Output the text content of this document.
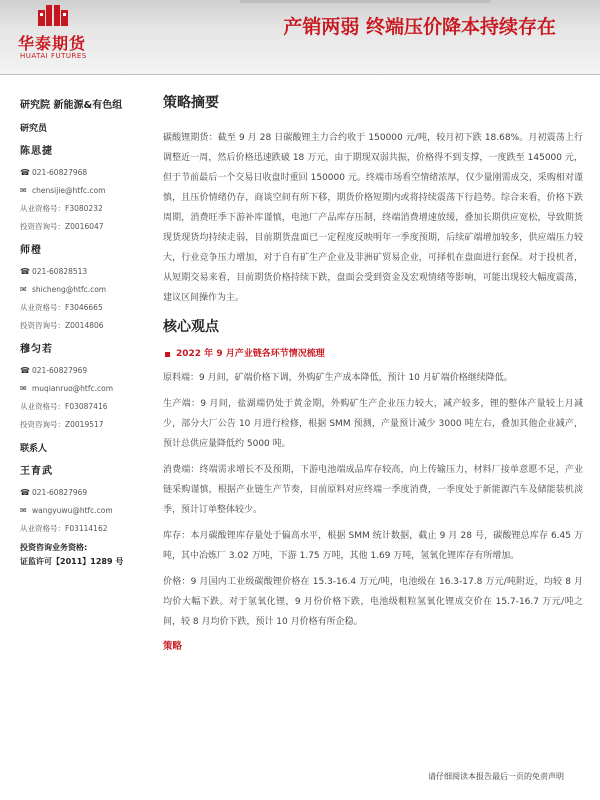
华泰期货
HUATAI FUTURES
产销两弱 终端压价降本持续存在
研究院 新能源&有色组
研究员
陈思捷
☎ 021-60827968
✉ chensijie@htfc.com
从业资格号：F3080232
投资咨询号：Z0016047
师橙
☎ 021-60828513
✉ shicheng@htfc.com
从业资格号：F3046665
投资咨询号：Z0014806
穆匀若
☎ 021-60827969
✉ muqianruo@htfc.com
从业资格号：F03087416
投资咨询号：Z0019517
联系人
王育武
☎ 021-60827969
✉ wangyuwu@htfc.com
从业资格号：F03114162
投资咨询业务资格:
证监许可【2011】1289 号
策略摘要
碳酸锂期货：截至 9 月 28 日碳酸锂主力合约收于 150000 元/吨，较月初下跌 18.68%。月初震荡上行调整近一周，然后价格迅速跌破 18 万元，由于期现双弱共振，价格得不到支撑，一度跌至 145000 元，但于节前最后一个交易日收盘时重回 150000 元。终端市场看空情绪浓厚，仅少量刚需成交，采购相对谨慎，且压价情绪仍存，商谈空间有所下移，期货价格短期内或将持续震荡下行趋势。综合来看，价格下跌周期，消费旺季下游补库谨慎，电池厂产品库存压制，终端消费增速放缓，叠加长期供应宽松，导致期货现货现货均持续走弱，目前期货盘面已一定程度反映明年一季度预期，后续矿端增加较多，供应端压力较大，行业竞争压力增加，对于自有矿生产企业及非洲矿贸易企业，可择机在盘面进行套保。对于投机者，从短期交易来看，目前期货价格持续下跌，盘面会受到资金及宏观情绪等影响，可能出现较大幅度震荡，建议区间操作为主。
核心观点
2022 年 9 月产业链各环节情况梳理
原料端：9 月间，矿端价格下调，外购矿生产成本降低，预计 10 月矿端价格继续降低。
生产端：9 月间，盐湖端仍处于黄金期，外购矿生产企业压力较大，减产较多，锂的整体产量较上月减少，部分大厂公告 10 月进行检修，根据 SMM 预测，产量预计减少 3000 吨左右，叠加其他企业减产，预计总供应量降低约 5000 吨。
消费端：终端需求增长不及预期，下游电池端成品库存较高，向上传输压力，材料厂接单意愿不足，产业链采购谨慎，根据产业链生产节奏，目前原料对应终端一季度消费，一季度处于新能源汽车及储能装机淡季，预计订单整体较少。
库存：本月碳酸锂库存量处于偏高水平，根据 SMM 统计数据，截止 9 月 28 号，碳酸锂总库存 6.45 万吨，其中冶炼厂 3.02 万吨，下游 1.75 万吨，其他 1.69 万吨，氢氧化锂库存有所增加。
价格：9 月国内工业级碳酸锂价格在 15.3-16.4 万元/吨，电池级在 16.3-17.8 万元/吨附近，均较 8 月均价大幅下跌。对于氢氧化锂，9 月份价格下跌，电池级粗粒氢氧化锂成交价在 15.7-16.7 万元/吨之间，较 8 月均价下跌，预计 10 月价格有所企稳。
策略
请仔细阅读本报告最后一页的免责声明
